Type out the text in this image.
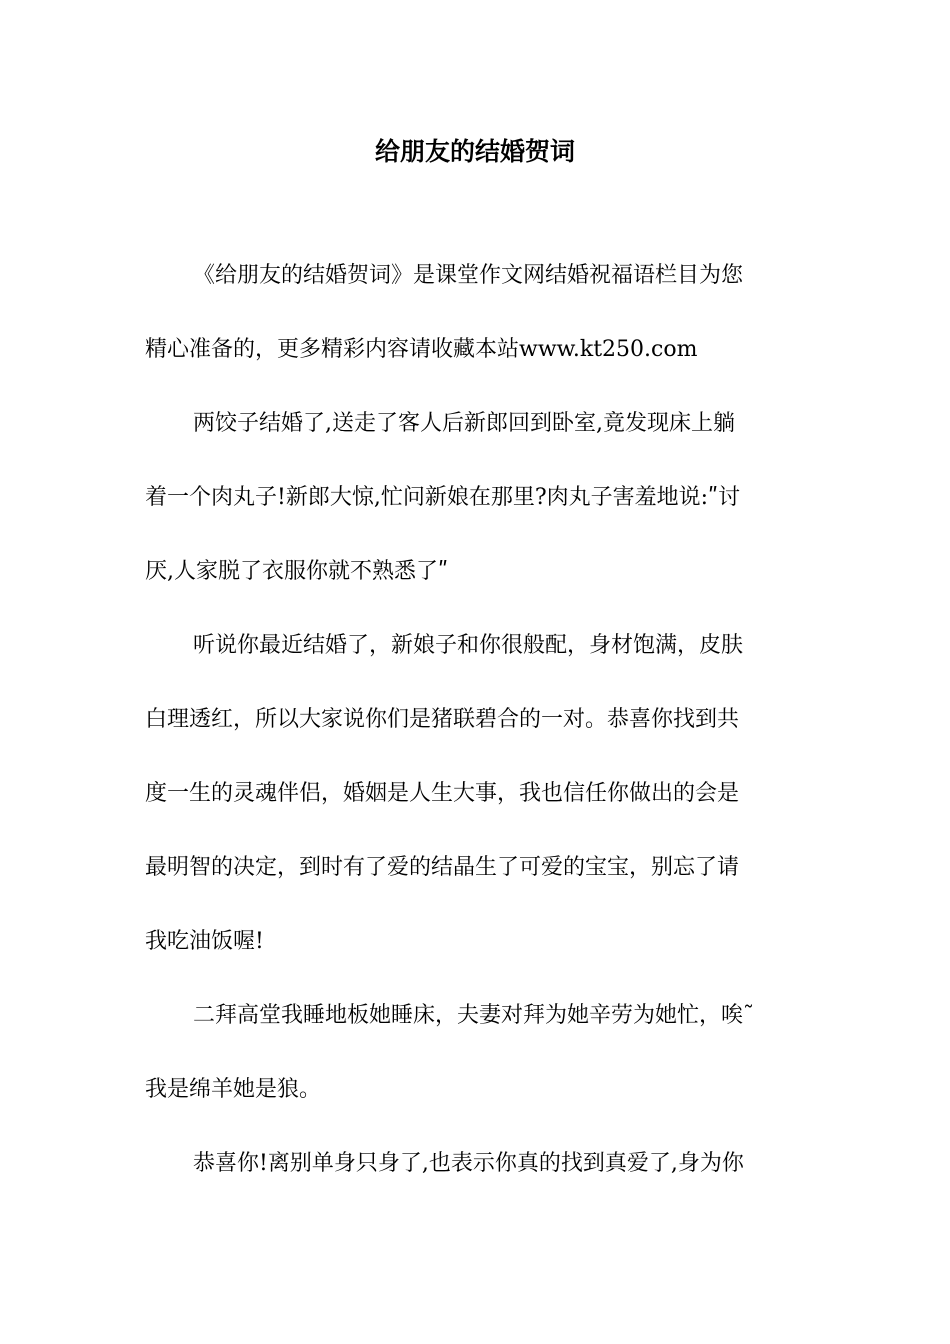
给朋友的结婚贺词
《给朋友的结婚贺词》是课堂作文网结婚祝福语栏目为您
精心准备的，更多精彩内容请收藏本站www.kt250.com
两饺子结婚了,送走了客人后新郎回到卧室,竟发现床上躺
着一个肉丸子!新郎大惊,忙问新娘在那里?肉丸子害羞地说:ʺ讨
厌,人家脱了衣服你就不熟悉了ʺ
听说你最近结婚了，新娘子和你很般配，身材饱满，皮肤
白理透红，所以大家说你们是猪联碧合的一对。恭喜你找到共
度一生的灵魂伴侣，婚姻是人生大事，我也信任你做出的会是
最明智的决定，到时有了爱的结晶生了可爱的宝宝，别忘了请
我吃油饭喔!
二拜高堂我睡地板她睡床，夫妻对拜为她辛劳为她忙，唉˜
我是绵羊她是狼。
恭喜你!离别单身只身了,也表示你真的找到真爱了,身为你
